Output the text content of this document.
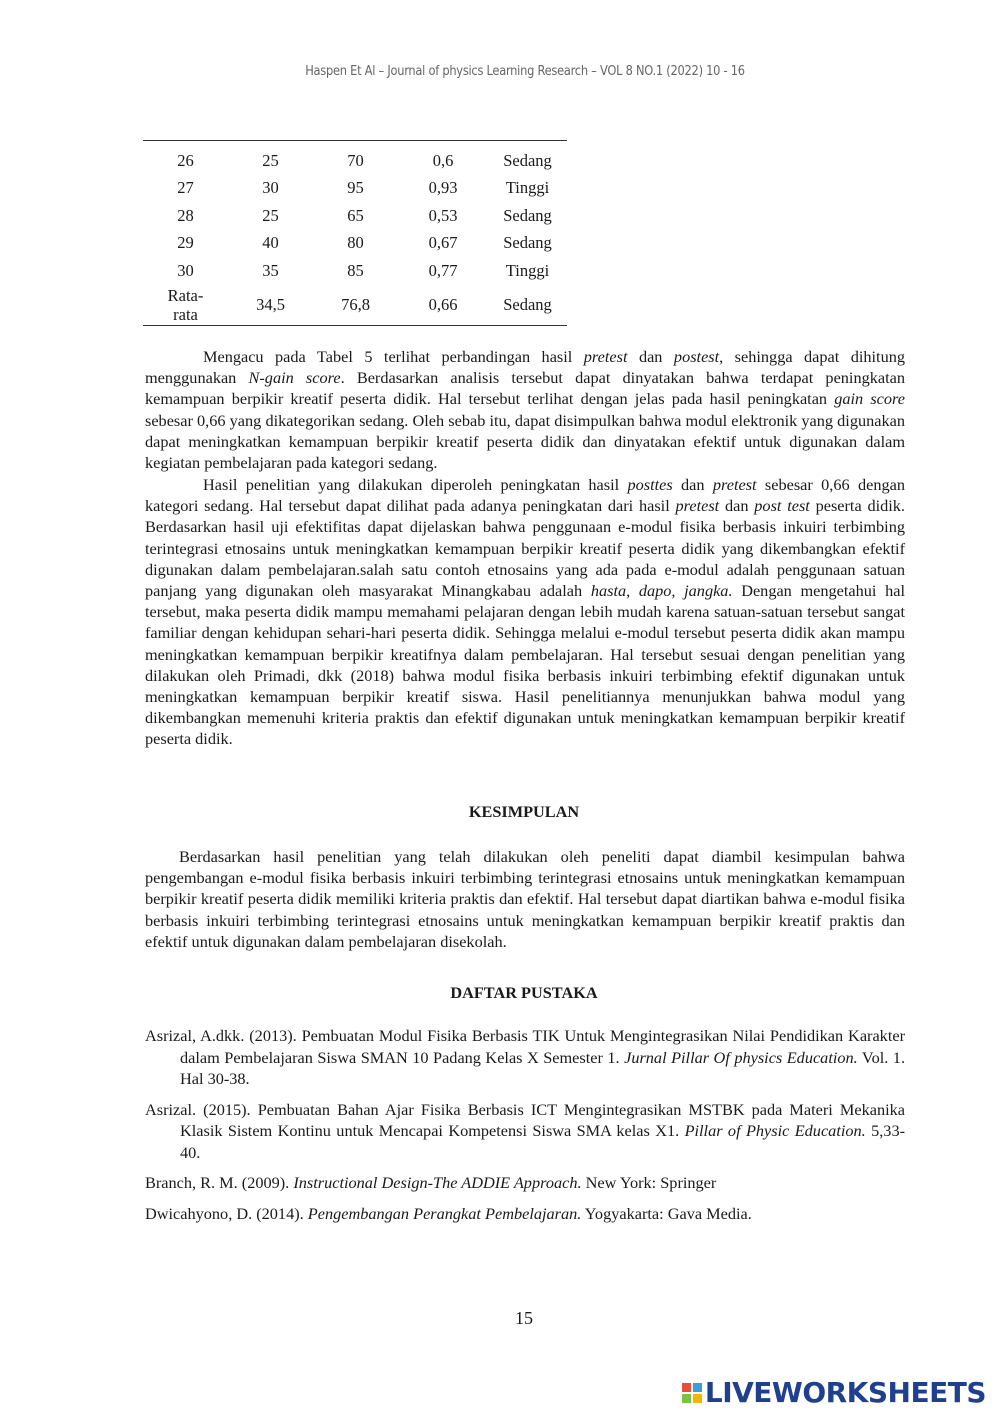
Haspen Et Al – Journal of physics Learning Research – VOL 8 NO.1 (2022) 10 - 16
26	25	70	0,6	Sedang
27	30	95	0,93	Tinggi
28	25	65	0,53	Sedang
29	40	80	0,67	Sedang
30	35	85	0,77	Tinggi
Rata-
rata	34,5	76,8	0,66	Sedang

Mengacu pada Tabel 5 terlihat perbandingan hasil pretest dan postest, sehingga dapat dihitung menggunakan N-gain score. Berdasarkan analisis tersebut dapat dinyatakan bahwa terdapat peningkatan kemampuan berpikir kreatif peserta didik. Hal tersebut terlihat dengan jelas pada hasil peningkatan gain score sebesar 0,66 yang dikategorikan sedang. Oleh sebab itu, dapat disimpulkan bahwa modul elektronik yang digunakan dapat meningkatkan kemampuan berpikir kreatif peserta didik dan dinyatakan efektif untuk digunakan dalam kegiatan pembelajaran pada kategori sedang.

Hasil penelitian yang dilakukan diperoleh peningkatan hasil posttes dan pretest sebesar 0,66 dengan kategori sedang. Hal tersebut dapat dilihat pada adanya peningkatan dari hasil pretest dan post test peserta didik. Berdasarkan hasil uji efektifitas dapat dijelaskan bahwa penggunaan e-modul fisika berbasis inkuiri terbimbing terintegrasi etnosains untuk meningkatkan kemampuan berpikir kreatif peserta didik yang dikembangkan efektif digunakan dalam pembelajaran.salah satu contoh etnosains yang ada pada e-modul adalah penggunaan satuan panjang yang digunakan oleh masyarakat Minangkabau adalah hasta, dapo, jangka. Dengan mengetahui hal tersebut, maka peserta didik mampu memahami pelajaran dengan lebih mudah karena satuan-satuan tersebut sangat familiar dengan kehidupan sehari-hari peserta didik. Sehingga melalui e-modul tersebut peserta didik akan mampu meningkatkan kemampuan berpikir kreatifnya dalam pembelajaran. Hal tersebut sesuai dengan penelitian yang dilakukan oleh Primadi, dkk (2018) bahwa modul fisika berbasis inkuiri terbimbing efektif digunakan untuk meningkatkan kemampuan berpikir kreatif siswa. Hasil penelitiannya menunjukkan bahwa modul yang dikembangkan memenuhi kriteria praktis dan efektif digunakan untuk meningkatkan kemampuan berpikir kreatif peserta didik.

KESIMPULAN

Berdasarkan hasil penelitian yang telah dilakukan oleh peneliti dapat diambil kesimpulan bahwa pengembangan e-modul fisika berbasis inkuiri terbimbing terintegrasi etnosains untuk meningkatkan kemampuan berpikir kreatif peserta didik memiliki kriteria praktis dan efektif. Hal tersebut dapat diartikan bahwa e-modul fisika berbasis inkuiri terbimbing terintegrasi etnosains untuk meningkatkan kemampuan berpikir kreatif praktis dan efektif untuk digunakan dalam pembelajaran disekolah.

DAFTAR PUSTAKA
Asrizal, A.dkk. (2013). Pembuatan Modul Fisika Berbasis TIK Untuk Mengintegrasikan Nilai Pendidikan Karakter dalam Pembelajaran Siswa SMAN 10 Padang Kelas X Semester 1. Jurnal Pillar Of physics Education. Vol. 1. Hal 30-38.
Asrizal. (2015). Pembuatan Bahan Ajar Fisika Berbasis ICT Mengintegrasikan MSTBK pada Materi Mekanika Klasik Sistem Kontinu untuk Mencapai Kompetensi Siswa SMA kelas X1. Pillar of Physic Education. 5,33-40.
Branch, R. M. (2009). Instructional Design-The ADDIE Approach. New York: Springer
Dwicahyono, D. (2014). Pengembangan Perangkat Pembelajaran. Yogyakarta: Gava Media.
15
LIVEWORKSHEETS
